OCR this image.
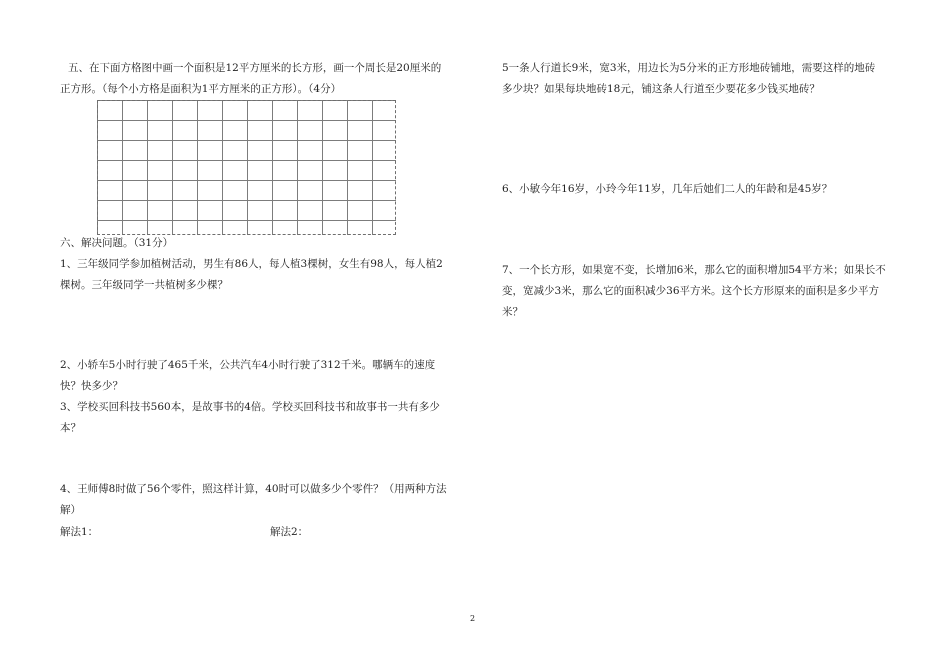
五、在下面方格图中画一个面积是12平方厘米的长方形，画一个周长是20厘米的

正方形。（每个小方格是面积为1平方厘米的正方形）。（4分）

六、解决问题。（31分）

1、三年级同学参加植树活动，男生有86人，每人植3棵树，女生有98人，每人植2

棵树。三年级同学一共植树多少棵？

2、小轿车5小时行驶了465千米，公共汽车4小时行驶了312千米。哪辆车的速度

快？快多少？

3、学校买回科技书560本，是故事书的4倍。学校买回科技书和故事书一共有多少

本？

4、王师傅8时做了56个零件，照这样计算，40时可以做多少个零件？（用两种方法

解）

解法1：	解法2：

5一条人行道长9米，宽3米，用边长为5分米的正方形地砖铺地，需要这样的地砖

多少块？如果每块地砖18元，铺这条人行道至少要花多少钱买地砖？

6、小敏今年16岁，小玲今年11岁，几年后她们二人的年龄和是45岁？

7、一个长方形，如果宽不变，长增加6米，那么它的面积增加54平方米；如果长不

变，宽减少3米，那么它的面积减少36平方米。这个长方形原来的面积是多少平方

米？

2
